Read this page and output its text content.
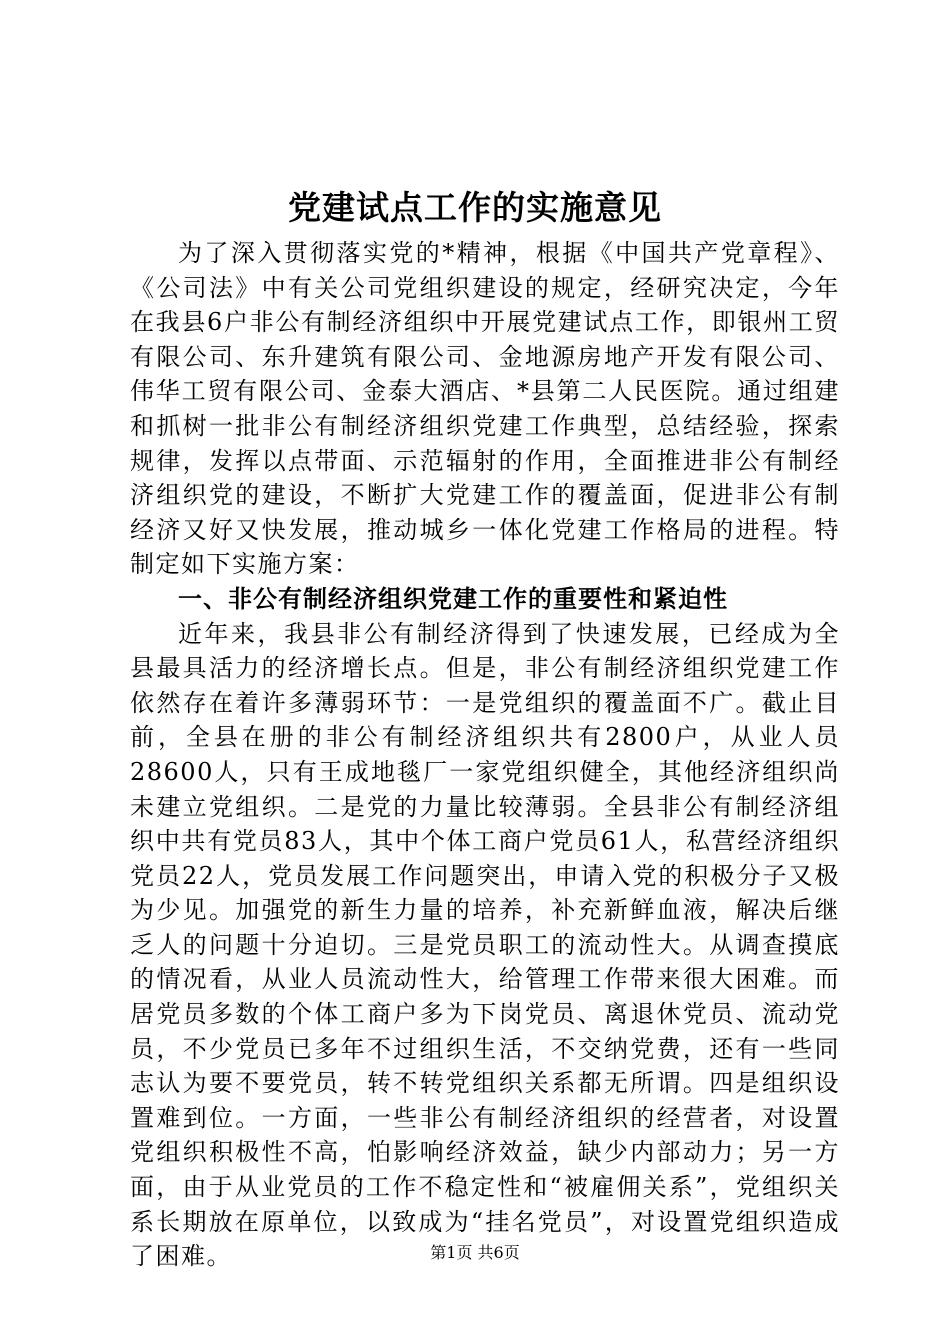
党建试点工作的实施意见

为了深入贯彻落实党的*精神，根据《中国共产党章程》、《公司法》中有关公司党组织建设的规定，经研究决定，今年在我县6户非公有制经济组织中开展党建试点工作，即银州工贸有限公司、东升建筑有限公司、金地源房地产开发有限公司、伟华工贸有限公司、金泰大酒店、*县第二人民医院。通过组建和抓树一批非公有制经济组织党建工作典型，总结经验，探索规律，发挥以点带面、示范辐射的作用，全面推进非公有制经济组织党的建设，不断扩大党建工作的覆盖面，促进非公有制经济又好又快发展，推动城乡一体化党建工作格局的进程。特制定如下实施方案：

一、非公有制经济组织党建工作的重要性和紧迫性

近年来，我县非公有制经济得到了快速发展，已经成为全县最具活力的经济增长点。但是，非公有制经济组织党建工作依然存在着许多薄弱环节：一是党组织的覆盖面不广。截止目前，全县在册的非公有制经济组织共有2800户，从业人员28600人，只有王成地毯厂一家党组织健全，其他经济组织尚未建立党组织。二是党的力量比较薄弱。全县非公有制经济组织中共有党员83人，其中个体工商户党员61人，私营经济组织党员22人，党员发展工作问题突出，申请入党的积极分子又极为少见。加强党的新生力量的培养，补充新鲜血液，解决后继乏人的问题十分迫切。三是党员职工的流动性大。从调查摸底的情况看，从业人员流动性大，给管理工作带来很大困难。而居党员多数的个体工商户多为下岗党员、离退休党员、流动党员，不少党员已多年不过组织生活，不交纳党费，还有一些同志认为要不要党员，转不转党组织关系都无所谓。四是组织设置难到位。一方面，一些非公有制经济组织的经营者，对设置党组织积极性不高，怕影响经济效益，缺少内部动力；另一方面，由于从业党员的工作不稳定性和“被雇佣关系”，党组织关系长期放在原单位，以致成为“挂名党员”，对设置党组织造成了困难。	第1页 共6页
